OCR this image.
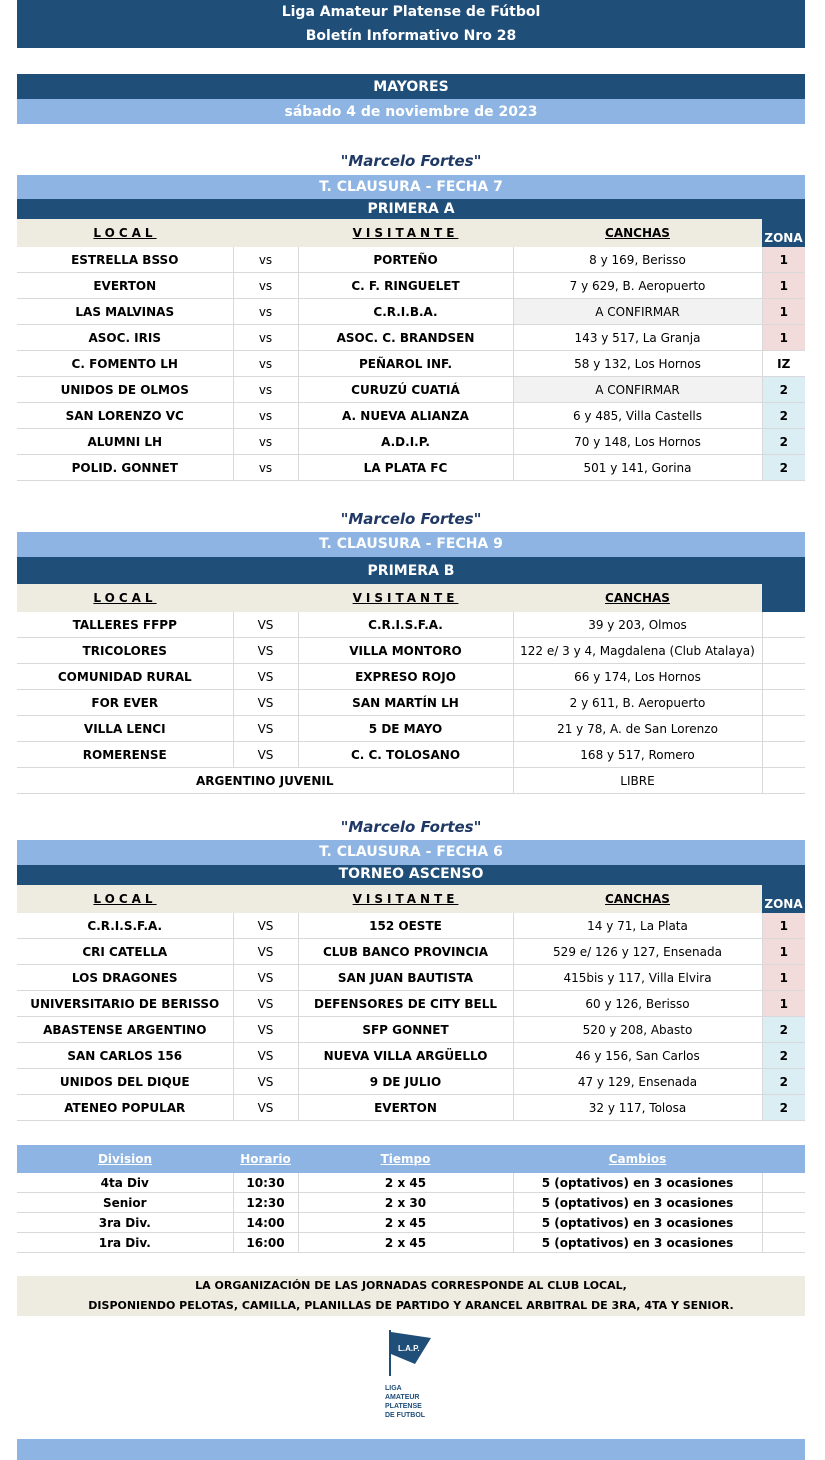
Liga Amateur Platense de Fútbol
Boletín Informativo Nro 28
MAYORES
sábado 4 de noviembre de 2023
"Marcelo Fortes"
T. CLAUSURA - FECHA 7
PRIMERA A
LOCAL		VISITANTE	CANCHAS	ZONA
ESTRELLA BSSO	vs	PORTEÑO	8 y 169, Berisso	1
EVERTON	vs	C. F. RINGUELET	7 y 629, B. Aeropuerto	1
LAS MALVINAS	vs	C.R.I.B.A.	A CONFIRMAR	1
ASOC. IRIS	vs	ASOC. C. BRANDSEN	143 y 517, La Granja	1
C. FOMENTO LH	vs	PEÑAROL INF.	58 y 132, Los Hornos	IZ
UNIDOS DE OLMOS	vs	CURUZÚ CUATIÁ	A CONFIRMAR	2
SAN LORENZO VC	vs	A. NUEVA ALIANZA	6 y 485, Villa Castells	2
ALUMNI LH	vs	A.D.I.P.	70 y 148, Los Hornos	2
POLID. GONNET	vs	LA PLATA FC	501 y 141, Gorina	2
"Marcelo Fortes"
T. CLAUSURA - FECHA 9
PRIMERA B
LOCAL		VISITANTE	CANCHAS	
TALLERES FFPP	VS	C.R.I.S.F.A.	39 y 203, Olmos	
TRICOLORES	VS	VILLA MONTORO	122 e/ 3 y 4, Magdalena (Club Atalaya)	
COMUNIDAD RURAL	VS	EXPRESO ROJO	66 y 174, Los Hornos	
FOR EVER	VS	SAN MARTÍN LH	2 y 611, B. Aeropuerto	
VILLA LENCI	VS	5 DE MAYO	21 y 78, A. de San Lorenzo	
ROMERENSE	VS	C. C. TOLOSANO	168 y 517, Romero	
ARGENTINO JUVENIL			LIBRE	
"Marcelo Fortes"
T. CLAUSURA - FECHA 6
TORNEO ASCENSO
LOCAL		VISITANTE	CANCHAS	ZONA
C.R.I.S.F.A.	VS	152 OESTE	14 y 71, La Plata	1
CRI CATELLA	VS	CLUB BANCO PROVINCIA	529 e/ 126 y 127, Ensenada	1
LOS DRAGONES	VS	SAN JUAN BAUTISTA	415bis y 117, Villa Elvira	1
UNIVERSITARIO DE BERISSO	VS	DEFENSORES DE CITY BELL	60 y 126, Berisso	1
ABASTENSE ARGENTINO	VS	SFP GONNET	520 y 208, Abasto	2
SAN CARLOS 156	VS	NUEVA VILLA ARGÜELLO	46 y 156, San Carlos	2
UNIDOS DEL DIQUE	VS	9 DE JULIO	47 y 129, Ensenada	2
ATENEO POPULAR	VS	EVERTON	32 y 117, Tolosa	2
Division	Horario	Tiempo	Cambios	
4ta Div	10:30	2 x 45	5 (optativos) en 3 ocasiones	
Senior	12:30	2 x 30	5 (optativos) en 3 ocasiones	
3ra Div.	14:00	2 x 45	5 (optativos) en 3 ocasiones	
1ra Div.	16:00	2 x 45	5 (optativos) en 3 ocasiones	
LA ORGANIZACIÓN DE LAS JORNADAS CORRESPONDE AL CLUB LOCAL,
DISPONIENDO PELOTAS, CAMILLA, PLANILLAS DE PARTIDO Y ARANCEL ARBITRAL DE 3RA, 4TA Y SENIOR.
L.A.P.
LIGA
AMATEUR
PLATENSE
DE FUTBOL
